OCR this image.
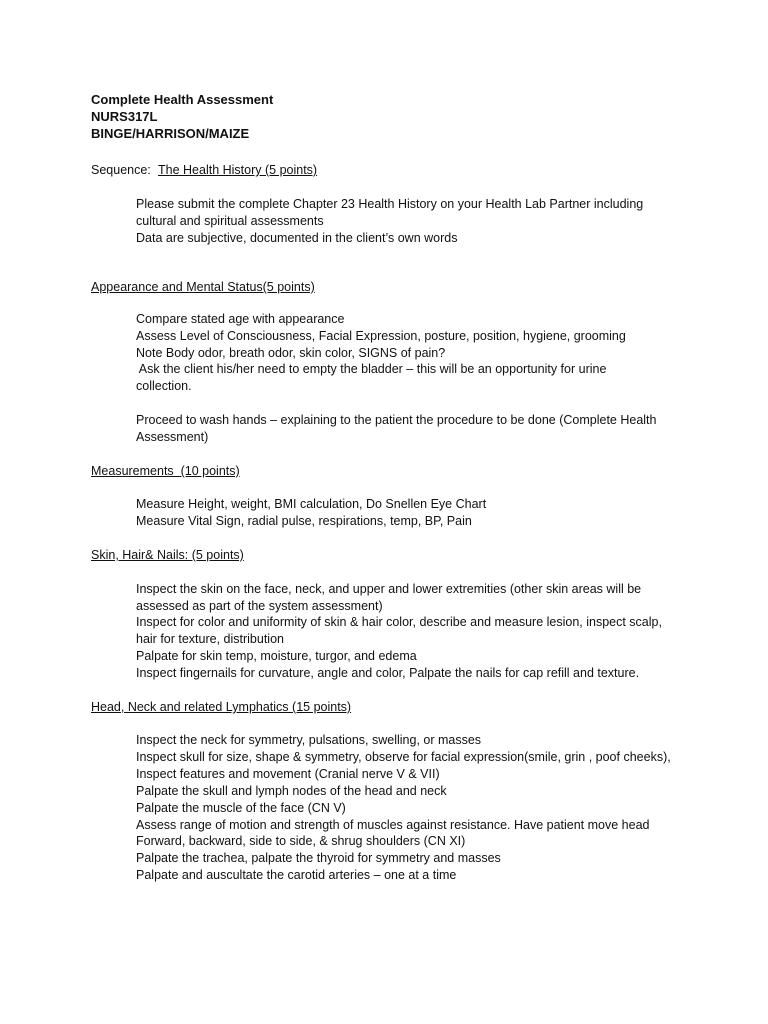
Complete Health Assessment
NURS317L
BINGE/HARRISON/MAIZE
Sequence: The Health History (5 points)
Please submit the complete Chapter 23 Health History on your Health Lab Partner including
cultural and spiritual assessments
Data are subjective, documented in the client’s own words
Appearance and Mental Status(5 points)
Compare stated age with appearance
Assess Level of Consciousness, Facial Expression, posture, position, hygiene, grooming
Note Body odor, breath odor, skin color, SIGNS of pain?
Ask the client his/her need to empty the bladder – this will be an opportunity for urine
collection.
Proceed to wash hands – explaining to the patient the procedure to be done (Complete Health
Assessment)
Measurements  (10 points)
Measure Height, weight, BMI calculation, Do Snellen Eye Chart
Measure Vital Sign, radial pulse, respirations, temp, BP, Pain
Skin, Hair& Nails: (5 points)
Inspect the skin on the face, neck, and upper and lower extremities (other skin areas will be
assessed as part of the system assessment)
Inspect for color and uniformity of skin & hair color, describe and measure lesion, inspect scalp,
hair for texture, distribution
Palpate for skin temp, moisture, turgor, and edema
Inspect fingernails for curvature, angle and color, Palpate the nails for cap refill and texture.
Head, Neck and related Lymphatics (15 points)
Inspect the neck for symmetry, pulsations, swelling, or masses
Inspect skull for size, shape & symmetry, observe for facial expression(smile, grin , poof cheeks),
Inspect features and movement (Cranial nerve V & VII)
Palpate the skull and lymph nodes of the head and neck
Palpate the muscle of the face (CN V)
Assess range of motion and strength of muscles against resistance. Have patient move head
Forward, backward, side to side, & shrug shoulders (CN XI)
Palpate the trachea, palpate the thyroid for symmetry and masses
Palpate and auscultate the carotid arteries – one at a time
